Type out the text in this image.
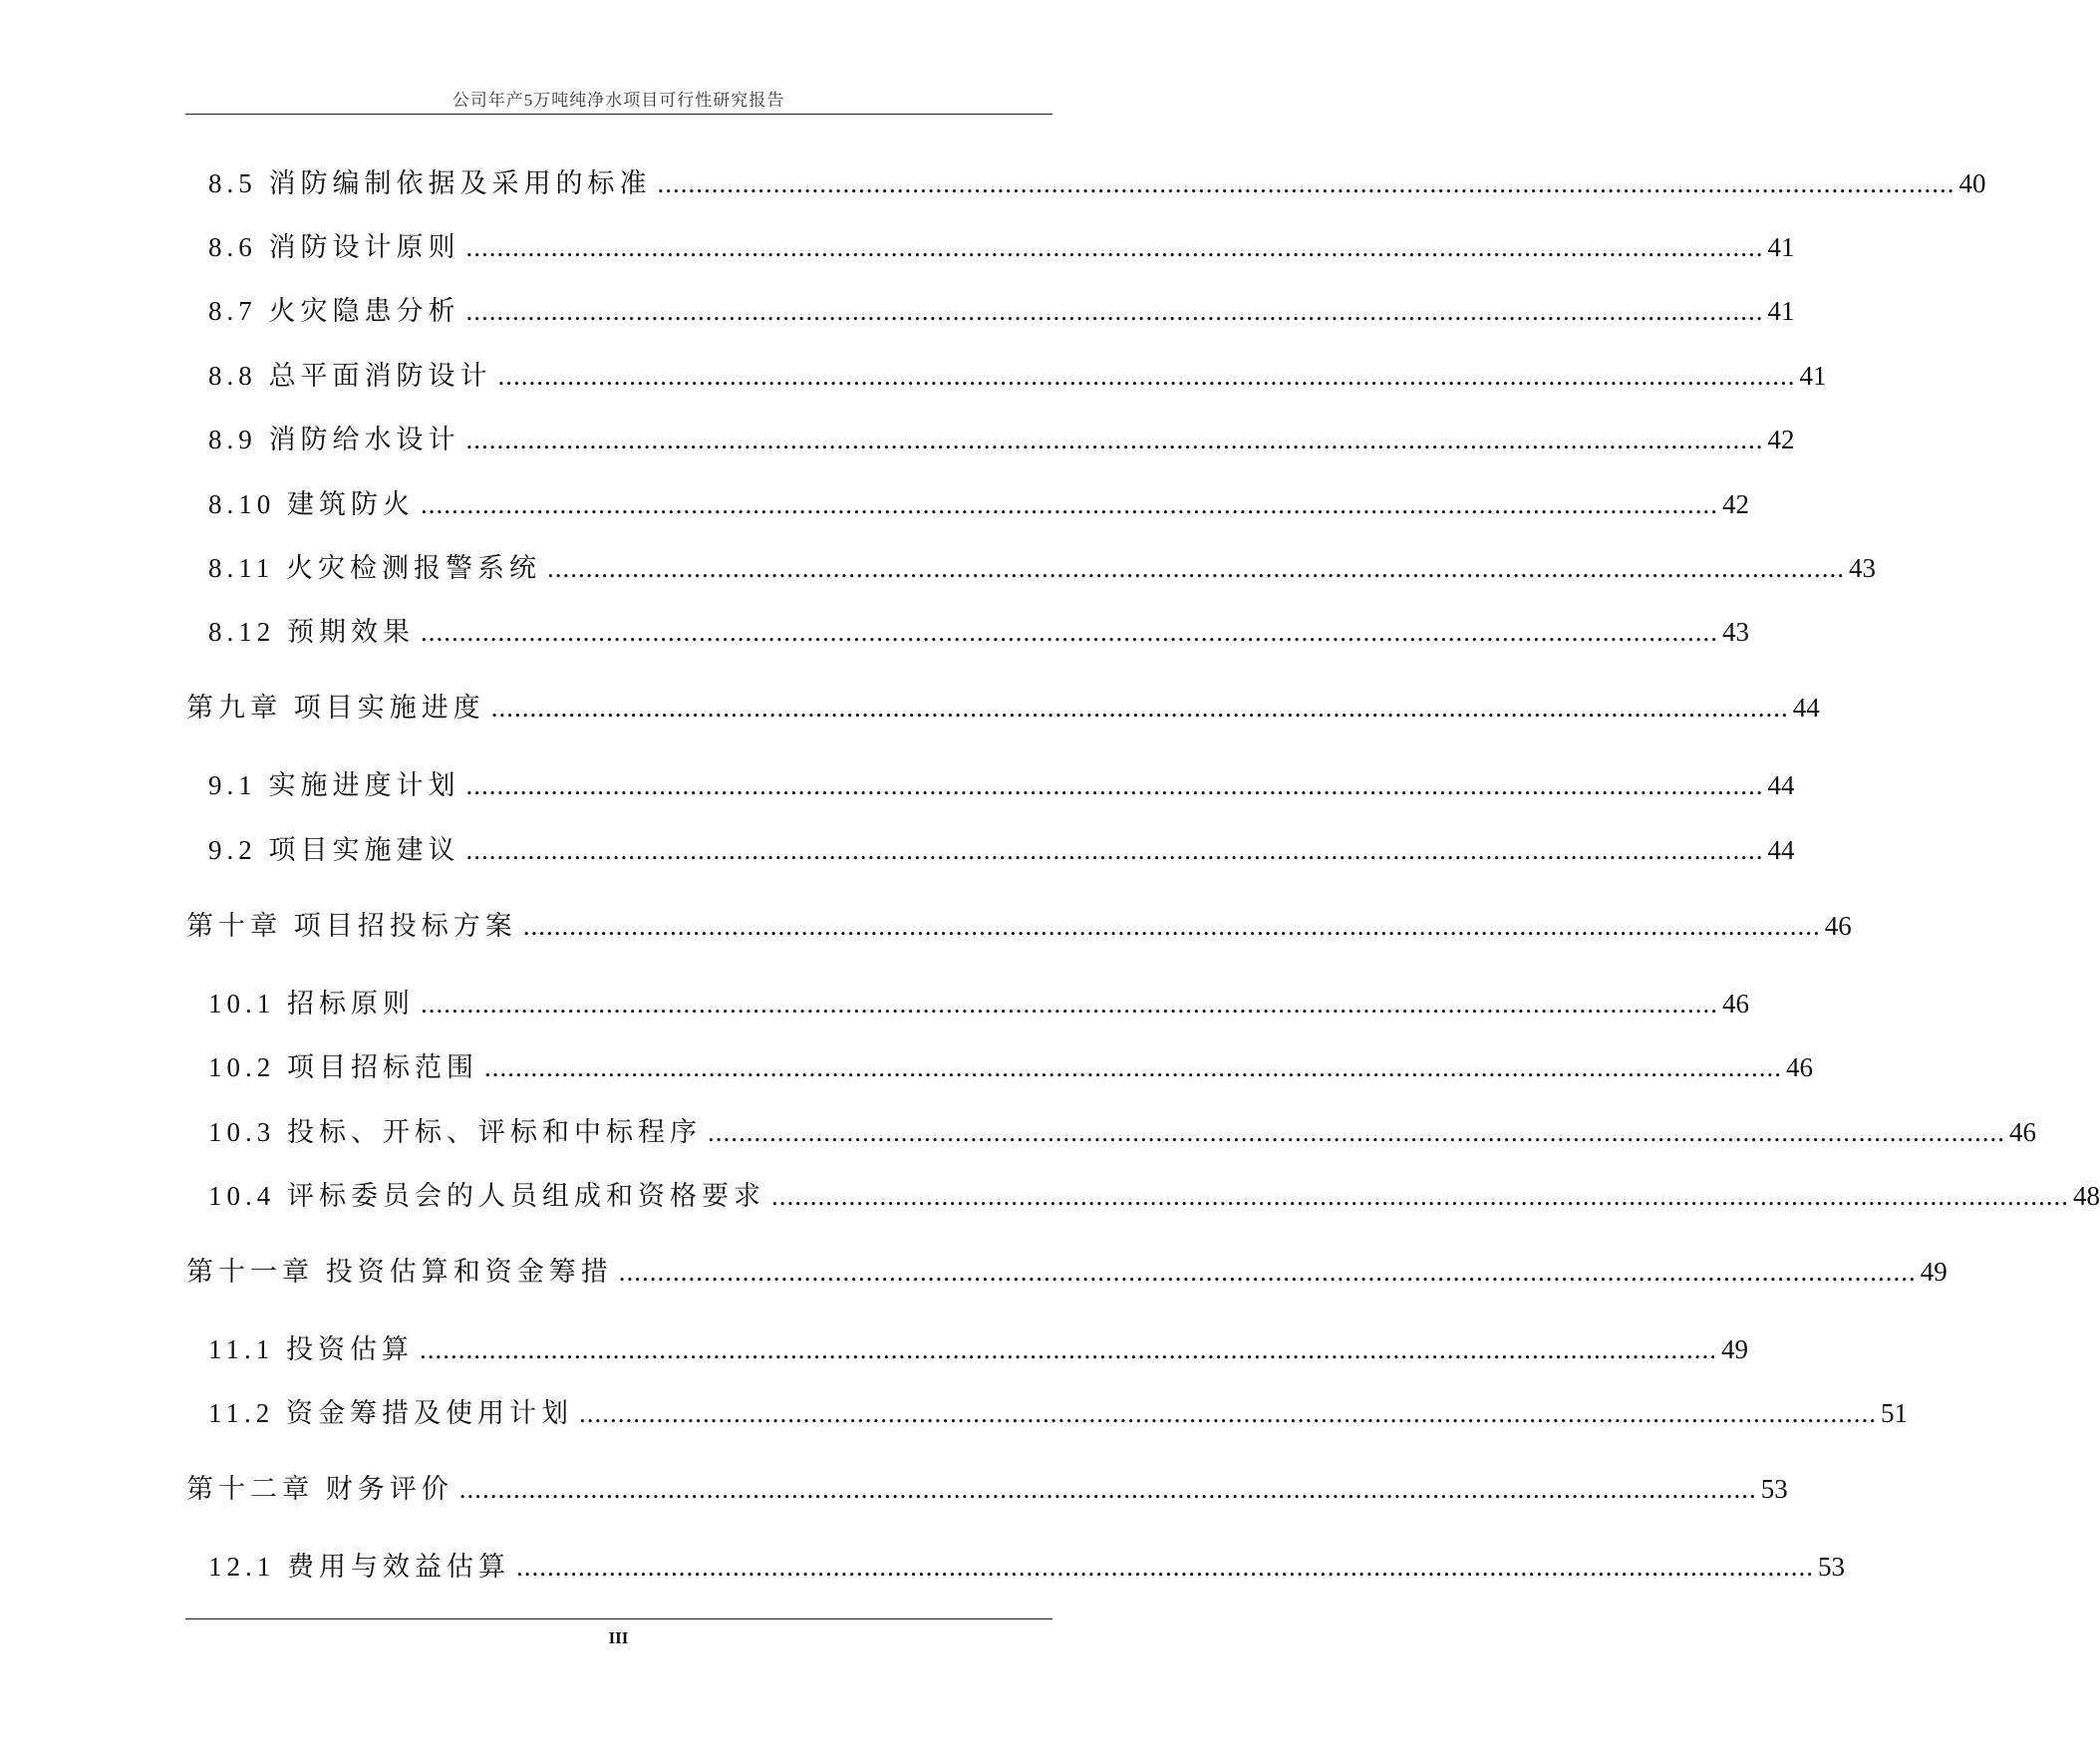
公司年产5万吨纯净水项目可行性研究报告
8.5 消防编制依据及采用的标准 ........................................................................................................................................................................ 40
8.6 消防设计原则 ........................................................................................................................................................................ 41
8.7 火灾隐患分析 ........................................................................................................................................................................ 41
8.8 总平面消防设计 ........................................................................................................................................................................ 41
8.9 消防给水设计 ........................................................................................................................................................................ 42
8.10 建筑防火 ........................................................................................................................................................................ 42
8.11 火灾检测报警系统 ........................................................................................................................................................................ 43
8.12 预期效果 ........................................................................................................................................................................ 43
第九章 项目实施进度 ........................................................................................................................................................................ 44
9.1 实施进度计划 ........................................................................................................................................................................ 44
9.2 项目实施建议 ........................................................................................................................................................................ 44
第十章 项目招投标方案 ........................................................................................................................................................................ 46
10.1 招标原则 ........................................................................................................................................................................ 46
10.2 项目招标范围 ........................................................................................................................................................................ 46
10.3 投标、开标、评标和中标程序 ........................................................................................................................................................................ 46
10.4 评标委员会的人员组成和资格要求 ........................................................................................................................................................................ 48
第十一章 投资估算和资金筹措 ........................................................................................................................................................................ 49
11.1 投资估算 ........................................................................................................................................................................ 49
11.2 资金筹措及使用计划 ........................................................................................................................................................................ 51
第十二章 财务评价 ........................................................................................................................................................................ 53
12.1 费用与效益估算 ........................................................................................................................................................................ 53
III
